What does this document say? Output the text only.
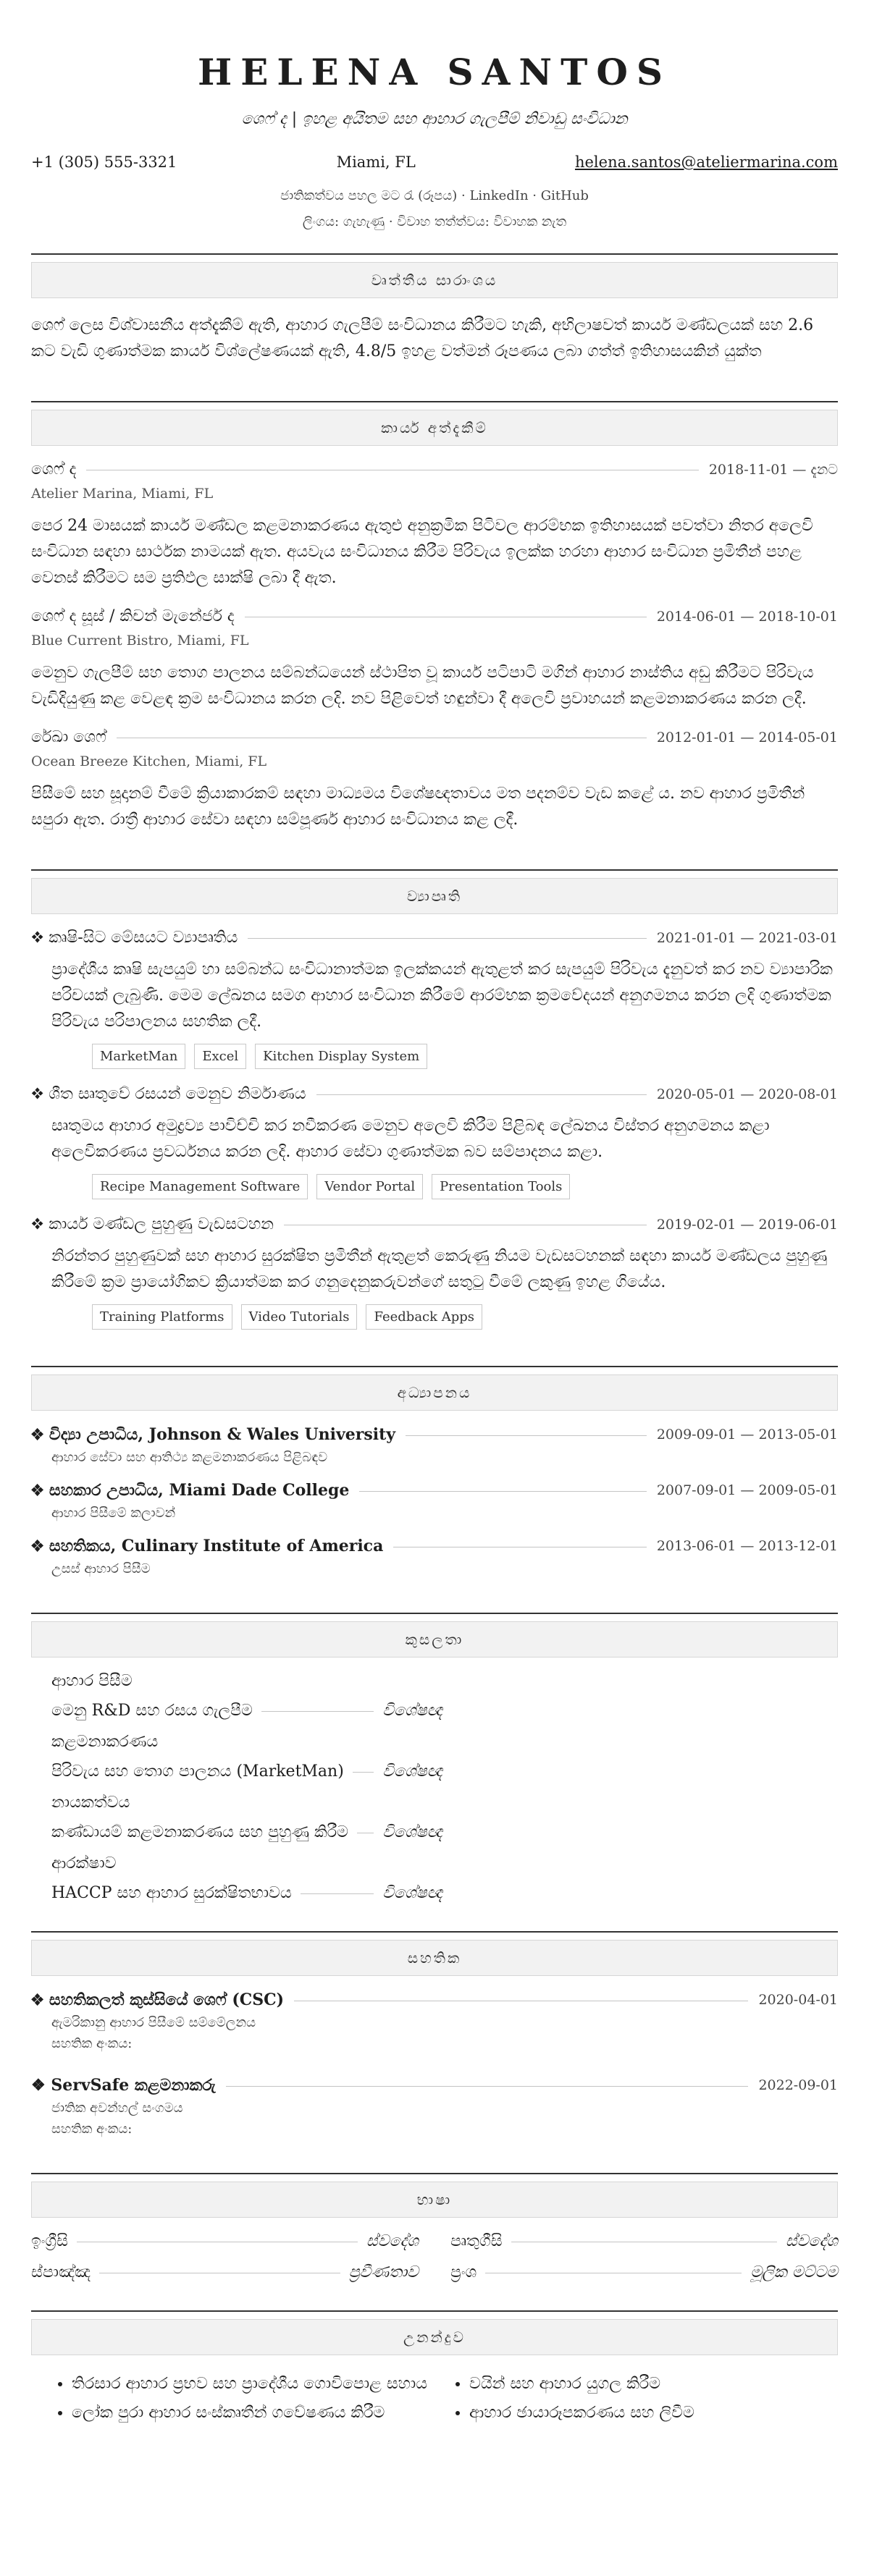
HELENA SANTOS
ශෙෆ් ද | ඉහළ අයිතම සහ ආහාර ගැලපීම් නිවාඩු සංවිධාන
+1 (305) 555-3321	Miami, FL	helena.santos@ateliermarina.com
ජාතිකත්වය පහල මට රැ (රූපය) · LinkedIn · GitHub
ලිංගය: ගැහැණු · විවාහ තත්ත්වය: විවාහක නැත
වෘත්තීය සාරාංශය

ශෙෆ් ලෙස විශ්වාසනීය අත්දැකීම් ඇති, ආහාර ගැලපීම් සංවිධානය කිරීමට හැකි, අභිලාෂවත් කාර්ය මණ්ඩලයක් සහ 2.6 කට වැඩි ගුණාත්මක කාර්ය විශ්ලේෂණයක් ඇති, 4.8/5 ඉහළ වත්මන් රූපණය ලබා ගත්ත් ඉතිහාසයකින් යුක්ත

කාර්ය අත්දැකීම්
ශෙෆ් ද	2018-11-01 — දැනට
Atelier Marina, Miami, FL
පෙර 24 මාසයක් කාර්ය මණ්ඩල කළමනාකරණය ඇතුළු අනුක්‍රමික පිටිවල ආරම්භක ඉතිහාසයක් පවත්වා නිතර අලෙවි සංවිධාන සඳහා සාර්ථක නාමයක් ඇත. අයවැය සංවිධානය කිරීම පිරිවැය ඉලක්ක හරහා ආහාර සංවිධාන ප්‍රමිතීන් පහළ වෙනස් කිරීමට සම ප්‍රතිඵල සාක්ෂි ලබා දී ඇත.
ශෙෆ් ද සූස් / කිචන් මැනේජර් ද	2014-06-01 — 2018-10-01
Blue Current Bistro, Miami, FL
මෙනුව ගැලපීම් සහ තොග පාලනය සම්බන්ධයෙන් ස්ථාපිත වූ කාර්ය පටිපාටි මගින් ආහාර නාස්තිය අඩු කිරීමට පිරිවැය වැඩිදියුණු කළ වෙළඳ ක්‍රම සංවිධානය කරන ලදි. නව පිළිවෙත් හඳුන්වා දී අලෙවි ප්‍රවාහයන් කළමනාකරණය කරන ලදී.
රේඛා ශෙෆ්	2012-01-01 — 2014-05-01
Ocean Breeze Kitchen, Miami, FL
පිසීමේ සහ සූදානම් වීමේ ක්‍රියාකාරකම් සඳහා මාධ්‍යමය විශේෂඥතාවය මත පදනම්ව වැඩ කළේ ය. නව ආහාර ප්‍රමිතීන් සපුරා ඇත. රාත්‍රී ආහාර සේවා සඳහා සම්පූර්ණ ආහාර සංවිධානය කළ ලදී.
ව්‍යාපෘති
❖ කෘෂි-සිට මේසයට ව්‍යාපෘතිය	2021-01-01 — 2021-03-01
ප්‍රාදේශීය කෘෂි සැපයුම් හා සම්බන්ධ සංවිධානාත්මක ඉලක්කයන් ඇතුළත් කර සැපයුම් පිරිවැය දැනුවත් කර නව ව්‍යාපාරික පරිචයක් ලැබුණි. මෙම ලේඛනය සමග ආහාර සංවිධාන කිරීමේ ආරම්භක ක්‍රමවේදයන් අනුගමනය කරන ලදි ගුණාත්මක පිරිවැය පරිපාලනය සහතික ලදී.
MarketMan	Excel	Kitchen Display System
❖ ශීත සෘතුවේ රසයන් මෙනුව නිර්මාණය	2020-05-01 — 2020-08-01
සෘතුමය ආහාර අමුද්‍රව්‍ය පාවිච්චි කර නවීකරණ මෙනුව අලෙවි කිරීම පිළිබඳ ලේඛනය විස්තර අනුගමනය කළා අලෙවිකරණය ප්‍රවර්ධනය කරන ලදි. ආහාර සේවා ගුණාත්මක බව සම්පාදනය කළා.
Recipe Management Software	Vendor Portal	Presentation Tools
❖ කාර්ය මණ්ඩල පුහුණු වැඩසටහන	2019-02-01 — 2019-06-01
නිරන්තර පුහුණුවක් සහ ආහාර සුරක්ෂිත ප්‍රමිතීන් ඇතුළත් කෙරුණු නියම වැඩසටහනක් සඳහා කාර්ය මණ්ඩලය පුහුණු කිරීමේ ක්‍රම ප්‍රායෝගිකව ක්‍රියාත්මක කර ගනුදෙනුකරුවන්ගේ සතුටු වීමේ ලකුණු ඉහළ ගියේය.
Training Platforms	Video Tutorials	Feedback Apps
අධ්‍යාපනය
❖ විද්‍යා උපාධිය, Johnson & Wales University	2009-09-01 — 2013-05-01
ආහාර සේවා සහ ආතිථ්‍ය කළමනාකරණය පිළිබඳව
❖ සහකාර උපාධිය, Miami Dade College	2007-09-01 — 2009-05-01
ආහාර පිසීමේ කලාවන්
❖ සහතිකය, Culinary Institute of America	2013-06-01 — 2013-12-01
උසස් ආහාර පිසීම
කුසලතා
ආහාර පිසීම
මෙනු R&D සහ රසය ගැලපීම	විශේෂඥ
කළමනාකරණය
පිරිවැය සහ තොග පාලනය (MarketMan) විශේෂඥ
නායකත්වය
කණ්ඩායම් කළමනාකරණය සහ පුහුණු කිරීම විශේෂඥ
ආරක්ෂාව
HACCP සහ ආහාර සුරක්ෂිතභාවය	විශේෂඥ
සහතික
❖ සහතිකලත් කුස්සියේ ශෙෆ් (CSC)	2020-04-01
ඇමරිකානු ආහාර පිසීමේ සම්මේලනය
සහතික අංකය:
❖ ServSafe කළමනාකරු	2022-09-01
ජාතික අවන්හල් සංගමය
සහතික අංකය:
භාෂා
ඉංග්‍රීසි	ස්වදේශ පෘතුගීසි	ස්වදේශ
ස්පාඤ්ඤ	ප්‍රවීණතාව ප්‍රංශ	මූලික මට්ටම
උනන්දුව
• තිරසාර ආහාර ප්‍රභව සහ ප්‍රාදේශීය ගොවිපොළ සහාය	• වයින් සහ ආහාර යුගල කිරීම
• ලෝක පුරා ආහාර සංස්කෘතීන් ගවේෂණය කිරීම	• ආහාර ඡායාරූපකරණය සහ ලිවීම
